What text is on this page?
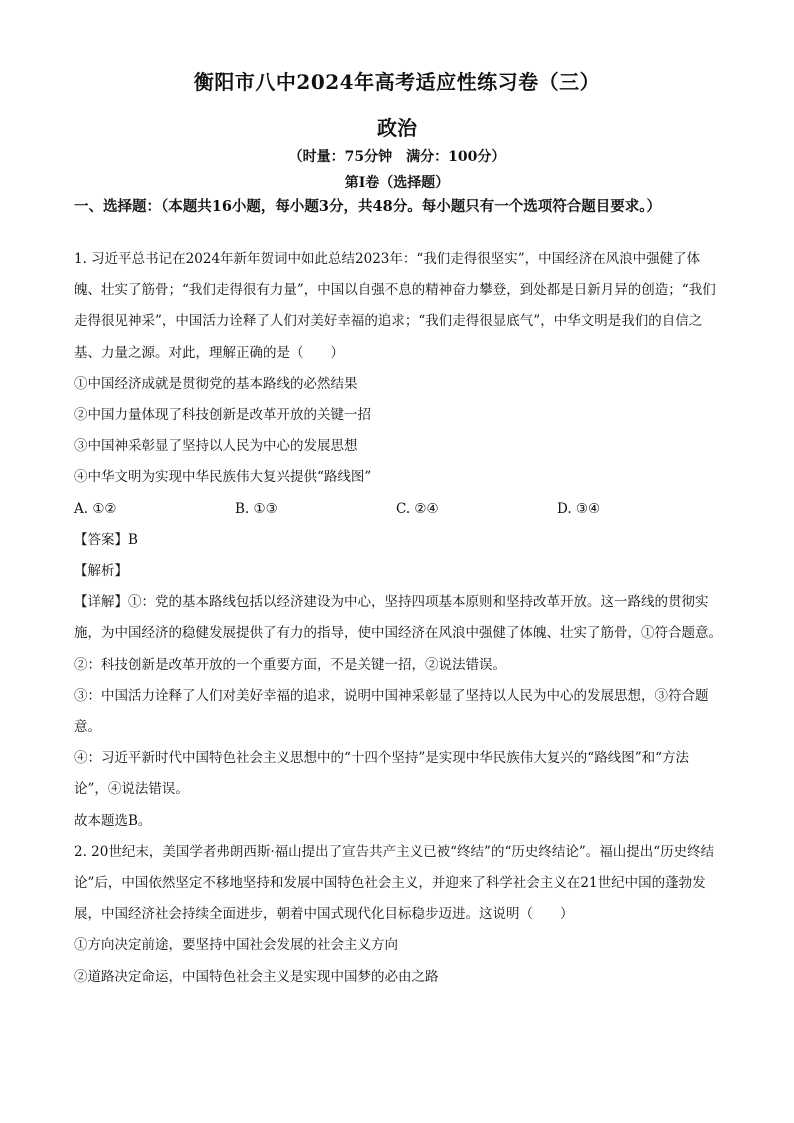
衡阳市八中2024年高考适应性练习卷（三）
政治
（时量：75分钟　满分：100分）
第Ⅰ卷（选择题）
一、选择题：（本题共16小题，每小题3分，共48分。每小题只有一个选项符合题目要求。）

1. 习近平总书记在2024年新年贺词中如此总结2023年：“我们走得很坚实”，中国经济在风浪中强健了体魄、壮实了筋骨；“我们走得很有力量”，中国以自强不息的精神奋力攀登，到处都是日新月异的创造；“我们走得很见神采”，中国活力诠释了人们对美好幸福的追求；“我们走得很显底气”，中华文明是我们的自信之基、力量之源。对此，理解正确的是（　　）

①中国经济成就是贯彻党的基本路线的必然结果

②中国力量体现了科技创新是改革开放的关键一招

③中国神采彰显了坚持以人民为中心的发展思想

④中华文明为实现中华民族伟大复兴提供“路线图”

A. ①②	B. ①③	C. ②④	D. ③④

【答案】B

【解析】

【详解】①：党的基本路线包括以经济建设为中心，坚持四项基本原则和坚持改革开放。这一路线的贯彻实施，为中国经济的稳健发展提供了有力的指导，使中国经济在风浪中强健了体魄、壮实了筋骨，①符合题意。

②：科技创新是改革开放的一个重要方面，不是关键一招，②说法错误。

③：中国活力诠释了人们对美好幸福的追求，说明中国神采彰显了坚持以人民为中心的发展思想，③符合题意。

④：习近平新时代中国特色社会主义思想中的“十四个坚持”是实现中华民族伟大复兴的“路线图”和“方法论”，④说法错误。

故本题选B。

2. 20世纪末，美国学者弗朗西斯·福山提出了宣告共产主义已被“终结”的“历史终结论”。福山提出“历史终结论”后，中国依然坚定不移地坚持和发展中国特色社会主义，并迎来了科学社会主义在21世纪中国的蓬勃发展，中国经济社会持续全面进步，朝着中国式现代化目标稳步迈进。这说明（　　）

①方向决定前途，要坚持中国社会发展的社会主义方向

②道路决定命运，中国特色社会主义是实现中国梦的必由之路
